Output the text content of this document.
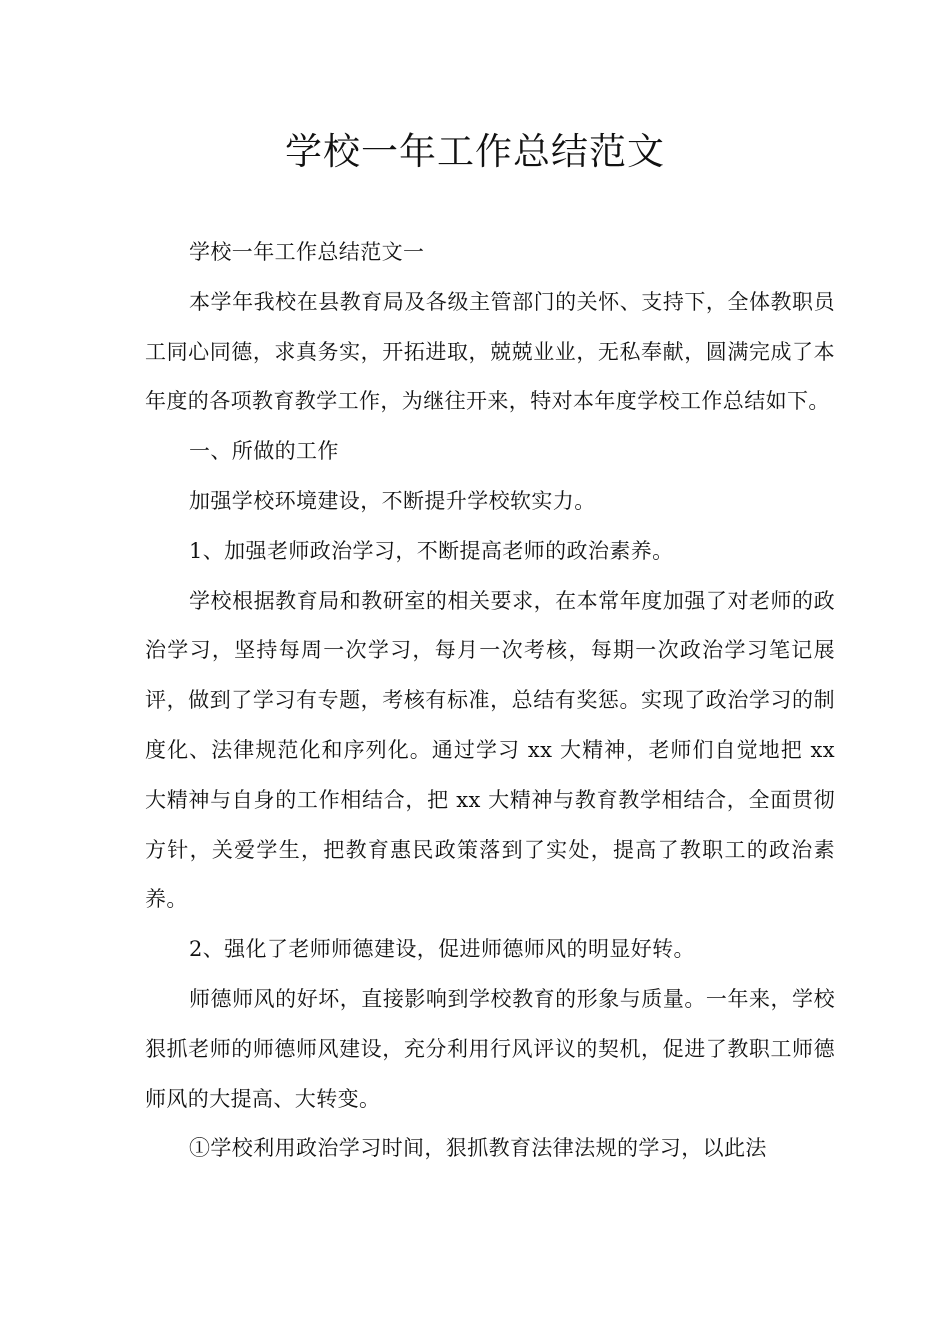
学校一年工作总结范文

学校一年工作总结范文一

本学年我校在县教育局及各级主管部门的关怀、支持下，全体教职员工同心同德，求真务实，开拓进取，兢兢业业，无私奉献，圆满完成了本年度的各项教育教学工作，为继往开来，特对本年度学校工作总结如下。

一、所做的工作

加强学校环境建设，不断提升学校软实力。

1、加强老师政治学习，不断提高老师的政治素养。

学校根据教育局和教研室的相关要求，在本常年度加强了对老师的政治学习，坚持每周一次学习，每月一次考核，每期一次政治学习笔记展评，做到了学习有专题，考核有标准，总结有奖惩。实现了政治学习的制度化、法律规范化和序列化。通过学习 xx 大精神，老师们自觉地把 xx 大精神与自身的工作相结合，把 xx 大精神与教育教学相结合，全面贯彻方针，关爱学生，把教育惠民政策落到了实处，提高了教职工的政治素养。

2、强化了老师师德建设，促进师德师风的明显好转。

师德师风的好坏，直接影响到学校教育的形象与质量。一年来，学校狠抓老师的师德师风建设，充分利用行风评议的契机，促进了教职工师德师风的大提高、大转变。

①学校利用政治学习时间，狠抓教育法律法规的学习，以此法
